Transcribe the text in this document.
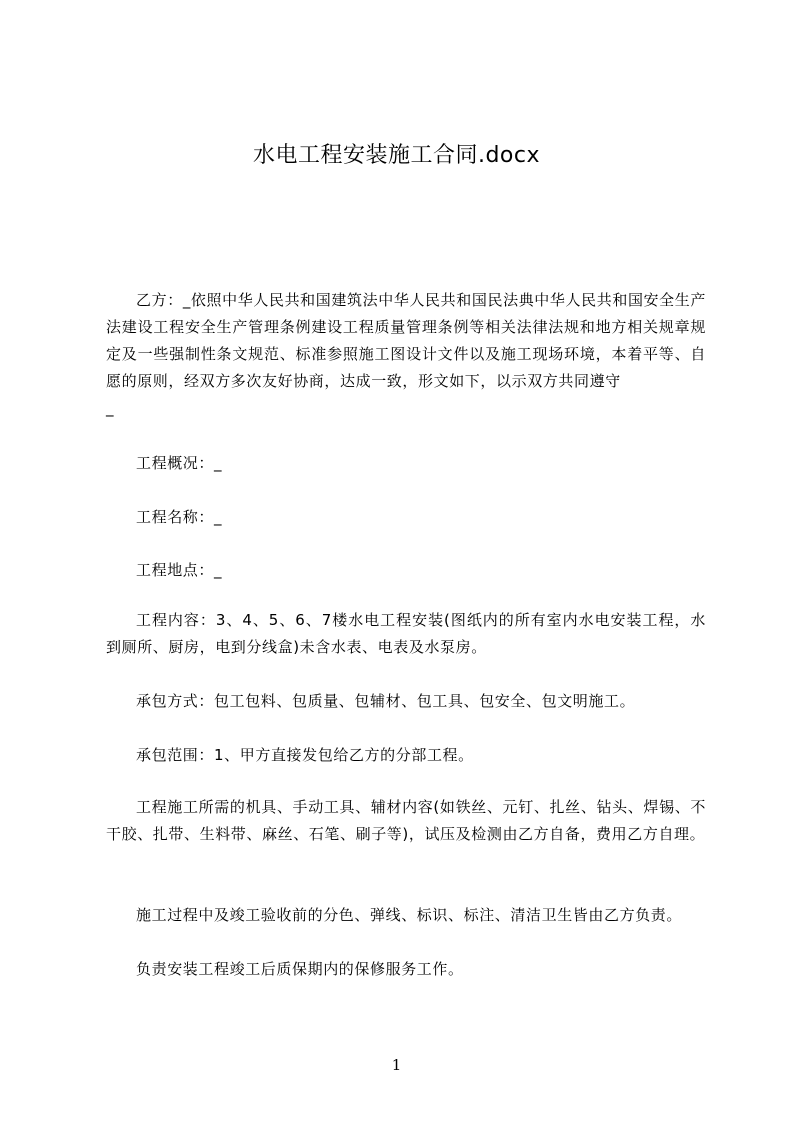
水电工程安装施工合同.docx
乙方：_依照中华人民共和国建筑法中华人民共和国民法典中华人民共和国安全生产法建设工程安全生产管理条例建设工程质量管理条例等相关法律法规和地方相关规章规定及一些强制性条文规范、标准参照施工图设计文件以及施工现场环境，本着平等、自愿的原则，经双方多次友好协商，达成一致，形文如下，以示双方共同遵守
_
工程概况：_
工程名称：_
工程地点：_
工程内容：3、4、5、6、7楼水电工程安装(图纸内的所有室内水电安装工程，水到厕所、厨房，电到分线盒)未含水表、电表及水泵房。
承包方式：包工包料、包质量、包辅材、包工具、包安全、包文明施工。
承包范围：1、甲方直接发包给乙方的分部工程。
工程施工所需的机具、手动工具、辅材内容(如铁丝、元钉、扎丝、钻头、焊锡、不干胶、扎带、生料带、麻丝、石笔、刷子等)，试压及检测由乙方自备，费用乙方自理。
施工过程中及竣工验收前的分色、弹线、标识、标注、清洁卫生皆由乙方负责。
负责安装工程竣工后质保期内的保修服务工作。
1
